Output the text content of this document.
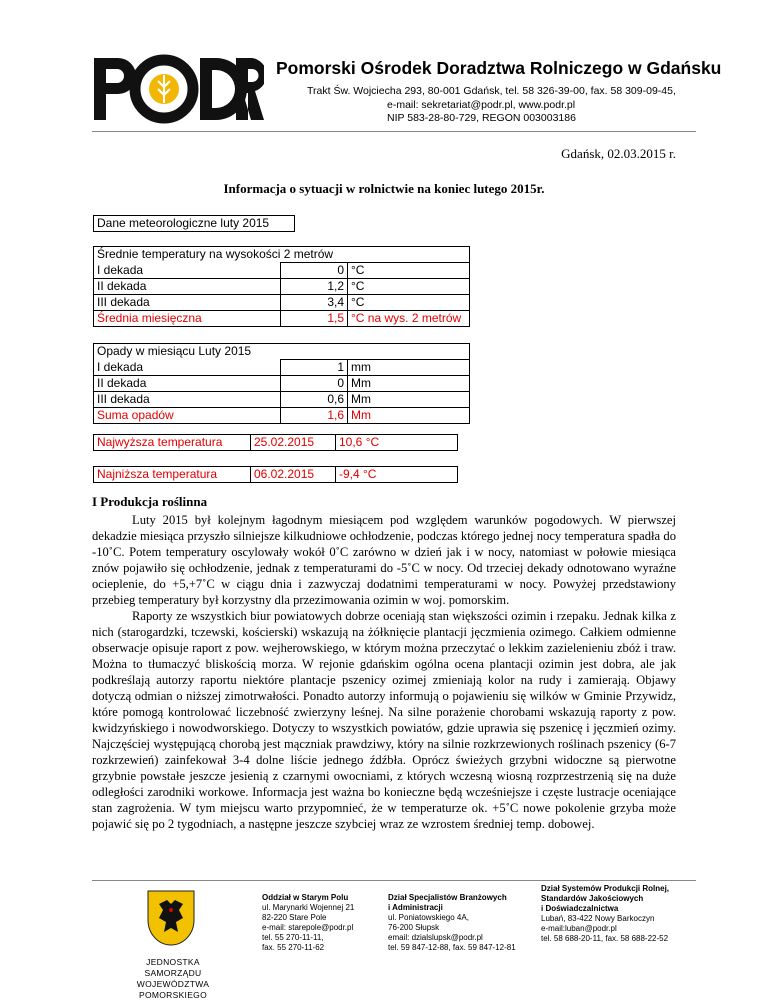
Pomorski Ośrodek Doradztwa Rolniczego w Gdańsku
Trakt Św. Wojciecha 293, 80-001 Gdańsk, tel. 58 326-39-00, fax. 58 309-09-45,
e-mail: sekretariat@podr.pl, www.podr.pl
NIP 583-28-80-729, REGON 003003186
Gdańsk, 02.03.2015 r.
Informacja o sytuacji w rolnictwie na koniec lutego 2015r.
Dane meteorologiczne luty 2015
Średnie temperatury na wysokości 2 metrów		
I dekada	0	°C
II dekada	1,2	°C
III dekada	3,4	°C
Średnia miesięczna	1,5	°C na wys. 2 metrów
Opady w miesiącu Luty 2015		
I dekada	1	mm
II dekada	0	Mm
III dekada	0,6	Mm
Suma opadów	1,6	Mm
Najwyższa temperatura	25.02.2015	10,6 °C
Najniższa temperatura	06.02.2015	-9,4 °C
I Produkcja roślinna

Luty 2015 był kolejnym łagodnym miesiącem pod względem warunków pogodowych. W pierwszej dekadzie miesiąca przyszło silniejsze kilkudniowe ochłodzenie, podczas którego jednej nocy temperatura spadła do -10˚C. Potem temperatury oscylowały wokół 0˚C zarówno w dzień jak i w nocy, natomiast w połowie miesiąca znów pojawiło się ochłodzenie, jednak z temperaturami do -5˚C w nocy. Od trzeciej dekady odnotowano wyraźne ocieplenie, do +5,+7˚C w ciągu dnia i zazwyczaj dodatnimi temperaturami w nocy. Powyżej przedstawiony przebieg temperatury był korzystny dla przezimowania ozimin w woj. pomorskim.

Raporty ze wszystkich biur powiatowych dobrze oceniają stan większości ozimin i rzepaku. Jednak kilka z nich (starogardzki, tczewski, kościerski) wskazują na żółknięcie plantacji jęczmienia ozimego. Całkiem odmienne obserwacje opisuje raport z pow. wejherowskiego, w którym można przeczytać o lekkim zazielenieniu zbóż i traw. Można to tłumaczyć bliskością morza. W rejonie gdańskim ogólna ocena plantacji ozimin jest dobra, ale jak podkreślają autorzy raportu niektóre plantacje pszenicy ozimej zmieniają kolor na rudy i zamierają. Objawy dotyczą odmian o niższej zimotrwałości. Ponadto autorzy informują o pojawieniu się wilków w Gminie Przywidz, które pomogą kontrolować liczebność zwierzyny leśnej. Na silne porażenie chorobami wskazują raporty z pow. kwidzyńskiego i nowodworskiego. Dotyczy to wszystkich powiatów, gdzie uprawia się pszenicę i jęczmień ozimy. Najczęściej występującą chorobą jest mączniak prawdziwy, który na silnie rozkrzewionych roślinach pszenicy (6-7 rozkrzewień) zainfekował 3-4 dolne liście jednego źdźbła. Oprócz świeżych grzybni widoczne są pierwotne grzybnie powstałe jeszcze jesienią z czarnymi owocniami, z których wczesną wiosną rozprzestrzenią się na duże odległości zarodniki workowe. Informacja jest ważna bo konieczne będą wcześniejsze i częste lustracje oceniające stan zagrożenia. W tym miejscu warto przypomnieć, że w temperaturze ok. +5˚C nowe pokolenie grzyba może pojawić się po 2 tygodniach, a następne jeszcze szybciej wraz ze wzrostem średniej temp. dobowej.

JEDNOSTKA SAMORZĄDU
WOJEWÓDZTWA POMORSKIEGO
Oddział w Starym Polu
ul. Marynarki Wojennej 21
82-220 Stare Pole
e-mail: starepole@podr.pl
tel. 55 270-11-11,
fax. 55 270-11-62
Dział Specjalistów Branżowych
i Administracji
ul. Poniatowskiego 4A,
76-200 Słupsk
email: dzialslupsk@podr.pl
tel. 59 847-12-88, fax. 59 847-12-81
Dział Systemów Produkcji Rolnej,
Standardów Jakościowych
i Doświadczalnictwa
Lubań, 83-422 Nowy Barkoczyn
e-mail:luban@podr.pl
tel. 58 688-20-11, fax. 58 688-22-52
